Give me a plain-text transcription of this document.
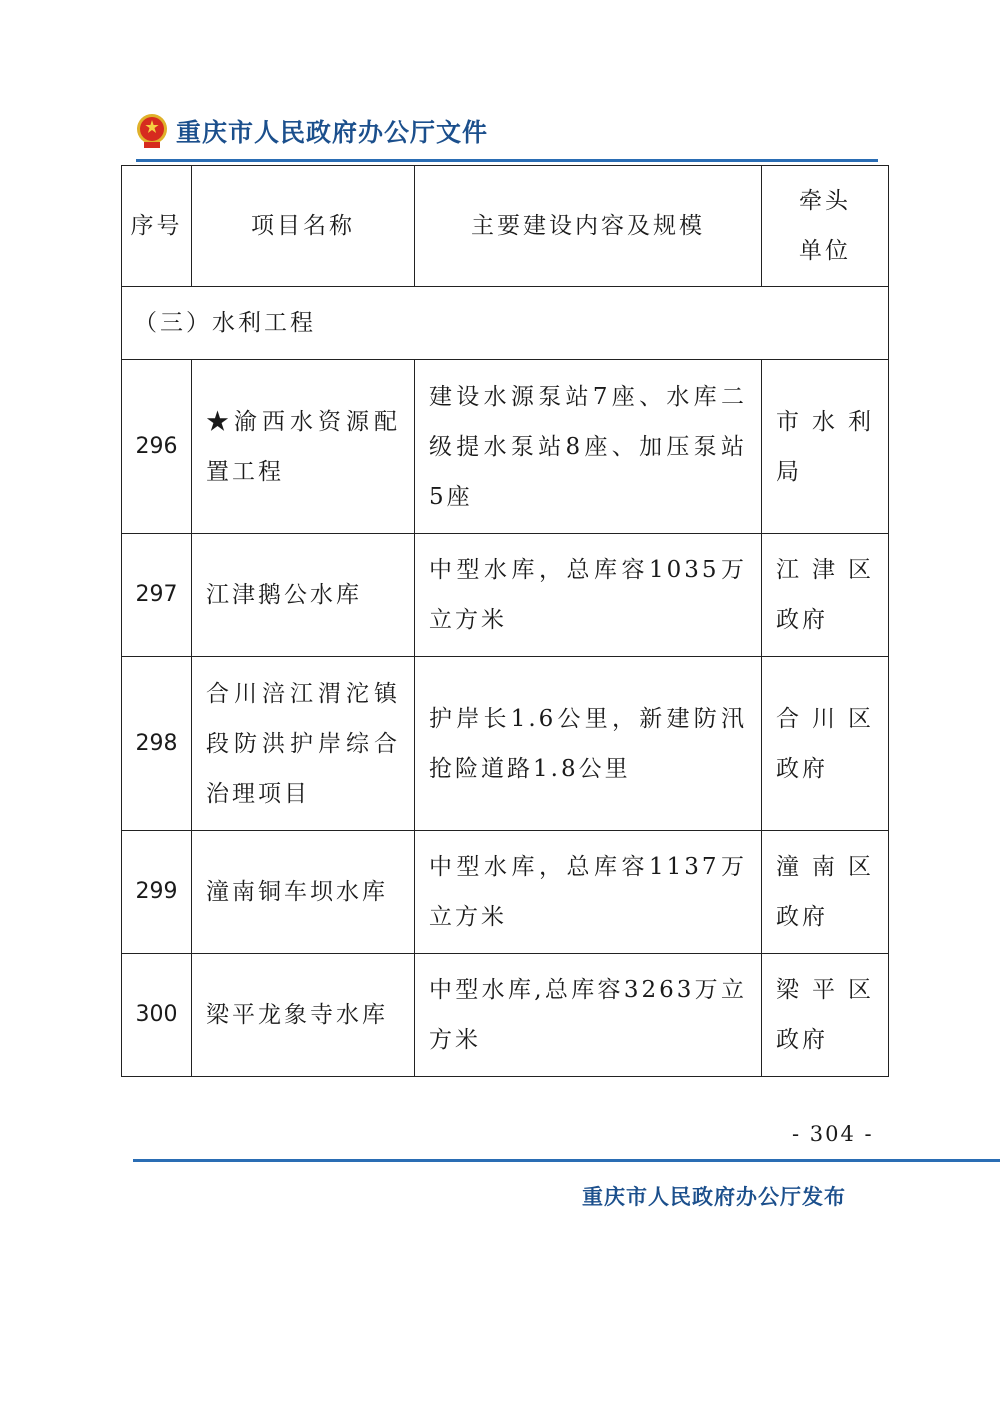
重庆市人民政府办公厅文件
序号	项目名称	主要建设内容及规模	牵头单位
（三）水利工程			
296	★渝西水资源配置工程	建设水源泵站7座、水库二级提水泵站8座、加压泵站5座	市水利局
297	江津鹅公水库	中型水库，总库容1035万立方米	江津区政府
298	合川涪江渭沱镇段防洪护岸综合治理项目	护岸长1.6公里，新建防汛抢险道路1.8公里	合川区政府
299	潼南铜车坝水库	中型水库，总库容1137万立方米	潼南区政府
300	梁平龙象寺水库	中型水库,总库容3263万立方米	梁平区政府
- 304 -
重庆市人民政府办公厅发布
